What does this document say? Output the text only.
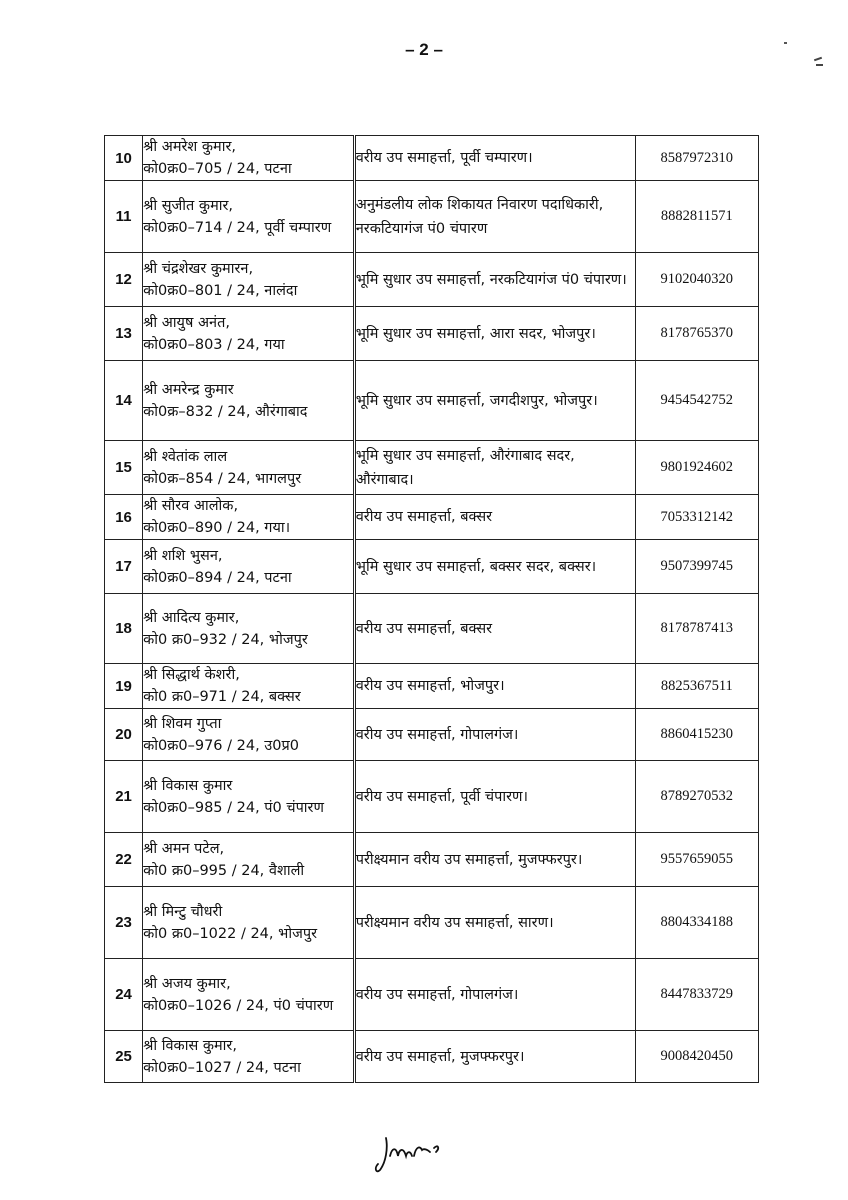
– 2 –
10	श्री अमरेश कुमार,
को0क्र0–705 / 24, पटना	वरीय उप समाहर्त्ता, पूर्वी चम्पारण।	8587972310
11	श्री सुजीत कुमार,
को0क्र0–714 / 24, पूर्वी चम्पारण	अनुमंडलीय लोक शिकायत निवारण पदाधिकारी, नरकटियागंज पं0 चंपारण	8882811571
12	श्री चंद्रशेखर कुमारन,
को0क्र0–801 / 24, नालंदा	भूमि सुधार उप समाहर्त्ता, नरकटियागंज पं0 चंपारण।	9102040320
13	श्री आयुष अनंत,
को0क्र0–803 / 24, गया	भूमि सुधार उप समाहर्त्ता, आरा सदर, भोजपुर।	8178765370
14	श्री अमरेन्द्र कुमार
को0क्र–832 / 24, औरंगाबाद	भूमि सुधार उप समाहर्त्ता, जगदीशपुर, भोजपुर।	9454542752
15	श्री श्वेतांक लाल
को0क्र–854 / 24, भागलपुर	भूमि सुधार उप समाहर्त्ता, औरंगाबाद सदर, औरंगाबाद।	9801924602
16	श्री सौरव आलोक,
को0क्र0–890 / 24, गया।	वरीय उप समाहर्त्ता, बक्सर	7053312142
17	श्री शशि भुसन,
को0क्र0–894 / 24, पटना	भूमि सुधार उप समाहर्त्ता, बक्सर सदर, बक्सर।	9507399745
18	श्री आदित्य कुमार,
को0 क्र0–932 / 24, भोजपुर	वरीय उप समाहर्त्ता, बक्सर	8178787413
19	श्री सिद्धार्थ केशरी,
को0 क्र0–971 / 24, बक्सर	वरीय उप समाहर्त्ता, भोजपुर।	8825367511
20	श्री शिवम गुप्ता
को0क्र0–976 / 24, उ0प्र0	वरीय उप समाहर्त्ता, गोपालगंज।	8860415230
21	श्री विकास कुमार
को0क्र0–985 / 24, पं0 चंपारण	वरीय उप समाहर्त्ता, पूर्वी चंपारण।	8789270532
22	श्री अमन पटेल,
को0 क्र0–995 / 24, वैशाली	परीक्ष्यमान वरीय उप समाहर्त्ता, मुजफ्फरपुर।	9557659055
23	श्री मिन्टु चौधरी
को0 क्र0–1022 / 24, भोजपुर	परीक्ष्यमान वरीय उप समाहर्त्ता, सारण।	8804334188
24	श्री अजय कुमार,
को0क्र0–1026 / 24, पं0 चंपारण	वरीय उप समाहर्त्ता, गोपालगंज।	8447833729
25	श्री विकास कुमार,
को0क्र0–1027 / 24, पटना	वरीय उप समाहर्त्ता, मुजफ्फरपुर।	9008420450
